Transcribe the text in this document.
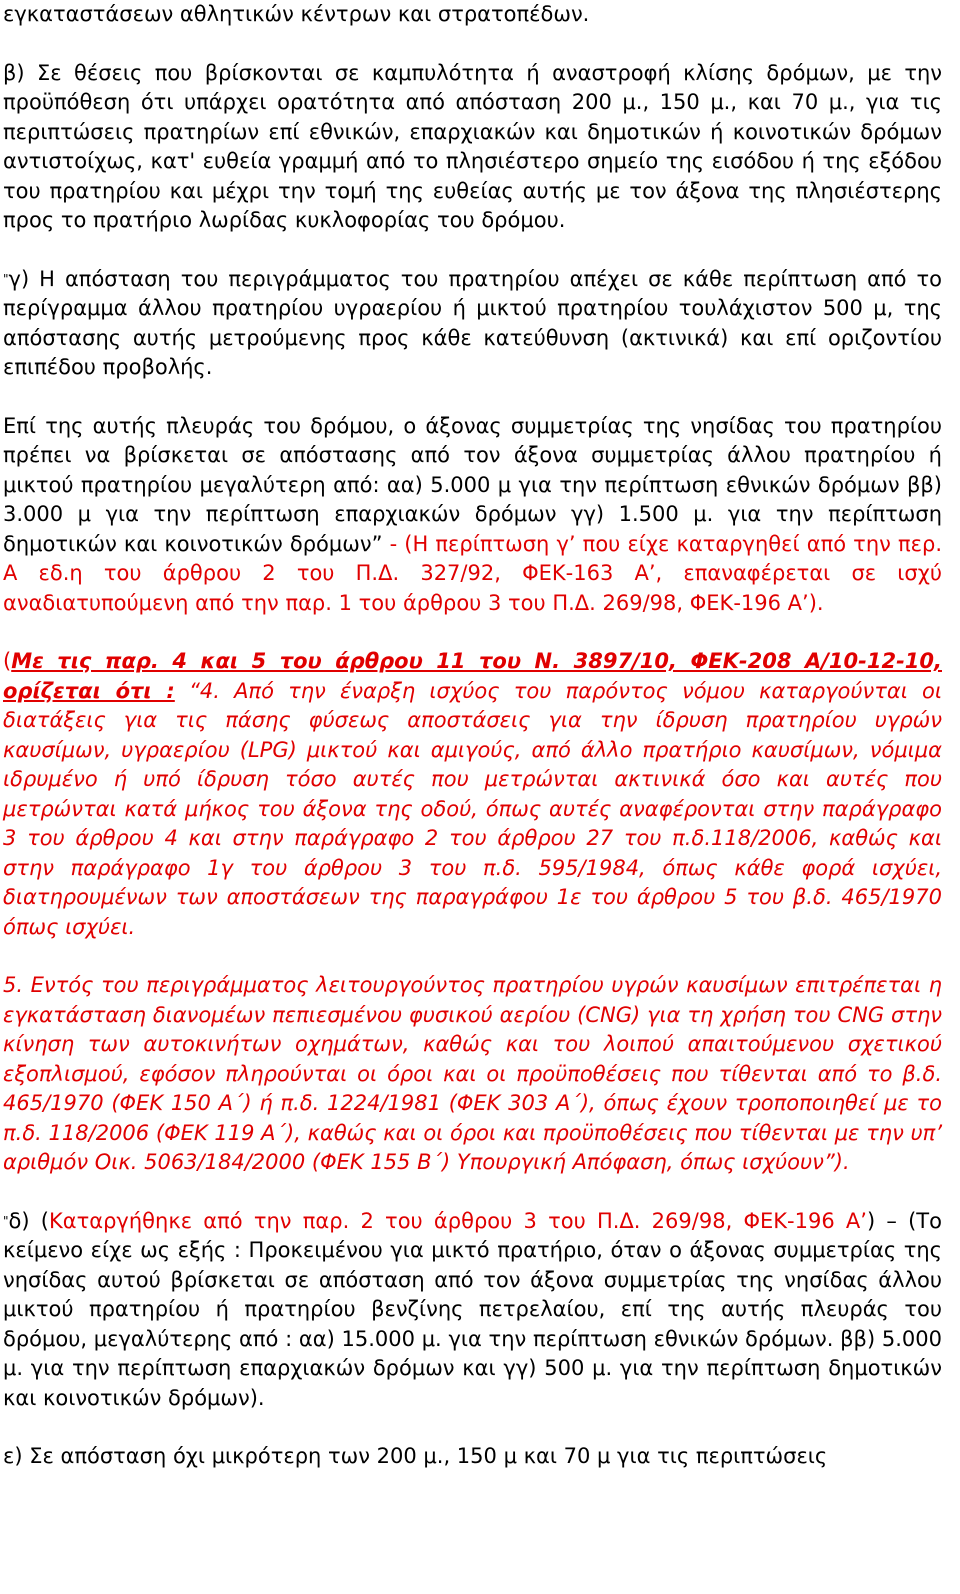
εγκαταστάσεων αθλητικών κέντρων και στρατοπέδων.

β) Σε θέσεις που βρίσκονται σε καμπυλότητα ή αναστροφή κλίσης δρόμων, με την προϋπόθεση ότι υπάρχει ορατότητα από απόσταση 200 μ., 150 μ., και 70 μ., για τις περιπτώσεις πρατηρίων επί εθνικών, επαρχιακών και δημοτικών ή κοινοτικών δρόμων αντιστοίχως, κατ' ευθεία γραμμή από το πλησιέστερο σημείο της εισόδου ή της εξόδου του πρατηρίου και μέχρι την τομή της ευθείας αυτής με τον άξονα της πλησιέστερης προς το πρατήριο λωρίδας κυκλοφορίας του δρόμου.

"γ) Η απόσταση του περιγράμματος του πρατηρίου απέχει σε κάθε περίπτωση από το περίγραμμα άλλου πρατηρίου υγραερίου ή μικτού πρατηρίου τουλάχιστον 500 μ, της απόστασης αυτής μετρούμενης προς κάθε κατεύθυνση (ακτινικά) και επί οριζοντίου επιπέδου προβολής.

Επί της αυτής πλευράς του δρόμου, ο άξονας συμμετρίας της νησίδας του πρατηρίου πρέπει να βρίσκεται σε απόστασης από τον άξονα συμμετρίας άλλου πρατηρίου ή μικτού πρατηρίου μεγαλύτερη από: αα) 5.000 μ για την περίπτωση εθνικών δρόμων ββ) 3.000 μ για την περίπτωση επαρχιακών δρόμων γγ) 1.500 μ. για την περίπτωση δημοτικών και κοινοτικών δρόμων” - (Η περίπτωση γ’ που είχε καταργηθεί από την περ. Α εδ.η του άρθρου 2 του Π.Δ. 327/92, ΦΕΚ-163 Α’, επαναφέρεται σε ισχύ αναδιατυπούμενη από την παρ. 1 του άρθρου 3 του Π.Δ. 269/98, ΦΕΚ-196 Α’).

(Με τις παρ. 4 και 5 του άρθρου 11 του Ν. 3897/10, ΦΕΚ-208 Α/10-12-10, ορίζεται ότι : “4. Από την έναρξη ισχύος του παρόντος νόμου καταργούνται οι διατάξεις για τις πάσης φύσεως αποστάσεις για την ίδρυση πρατηρίου υγρών καυσίμων, υγραερίου (LPG) μικτού και αμιγούς, από άλλο πρατήριο καυσίμων, νόμιμα ιδρυμένο ή υπό ίδρυση τόσο αυτές που μετρώνται ακτινικά όσο και αυτές που μετρώνται κατά μήκος του άξονα της οδού, όπως αυτές αναφέρονται στην παράγραφο 3 του άρθρου 4 και στην παράγραφο 2 του άρθρου 27 του π.δ.118/2006, καθώς και στην παράγραφο 1γ του άρθρου 3 του π.δ. 595/1984, όπως κάθε φορά ισχύει, διατηρουμένων των αποστάσεων της παραγράφου 1ε του άρθρου 5 του β.δ. 465/1970 όπως ισχύει.

5. Εντός του περιγράμματος λειτουργούντος πρατηρίου υγρών καυσίμων επιτρέπεται η εγκατάσταση διανομέων πεπιεσμένου φυσικού αερίου (CNG) για τη χρήση του CNG στην κίνηση των αυτοκινήτων οχημάτων, καθώς και του λοιπού απαιτούμενου σχετικού εξοπλισμού, εφόσον πληρούνται οι όροι και οι προϋποθέσεις που τίθενται από το β.δ. 465/1970 (ΦΕΚ 150 Α΄) ή π.δ. 1224/1981 (ΦΕΚ 303 Α΄), όπως έχουν τροποποιηθεί με το π.δ. 118/2006 (ΦΕΚ 119 Α΄), καθώς και οι όροι και προϋποθέσεις που τίθενται με την υπ’ αριθμόν Οικ. 5063/184/2000 (ΦΕΚ 155 Β΄) Υπουργική Απόφαση, όπως ισχύουν”).

"δ) (Καταργήθηκε από την παρ. 2 του άρθρου 3 του Π.Δ. 269/98, ΦΕΚ-196 Α’) – (Το κείμενο είχε ως εξής : Προκειμένου για μικτό πρατήριο, όταν ο άξονας συμμετρίας της νησίδας αυτού βρίσκεται σε απόσταση από τον άξονα συμμετρίας της νησίδας άλλου μικτού πρατηρίου ή πρατηρίου βενζίνης πετρελαίου, επί της αυτής πλευράς του δρόμου, μεγαλύτερης από : αα) 15.000 μ. για την περίπτωση εθνικών δρόμων. ββ) 5.000 μ. για την περίπτωση επαρχιακών δρόμων και γγ) 500 μ. για την περίπτωση δημοτικών και κοινοτικών δρόμων).

ε) Σε απόσταση όχι μικρότερη των 200 μ., 150 μ και 70 μ για τις περιπτώσεις
